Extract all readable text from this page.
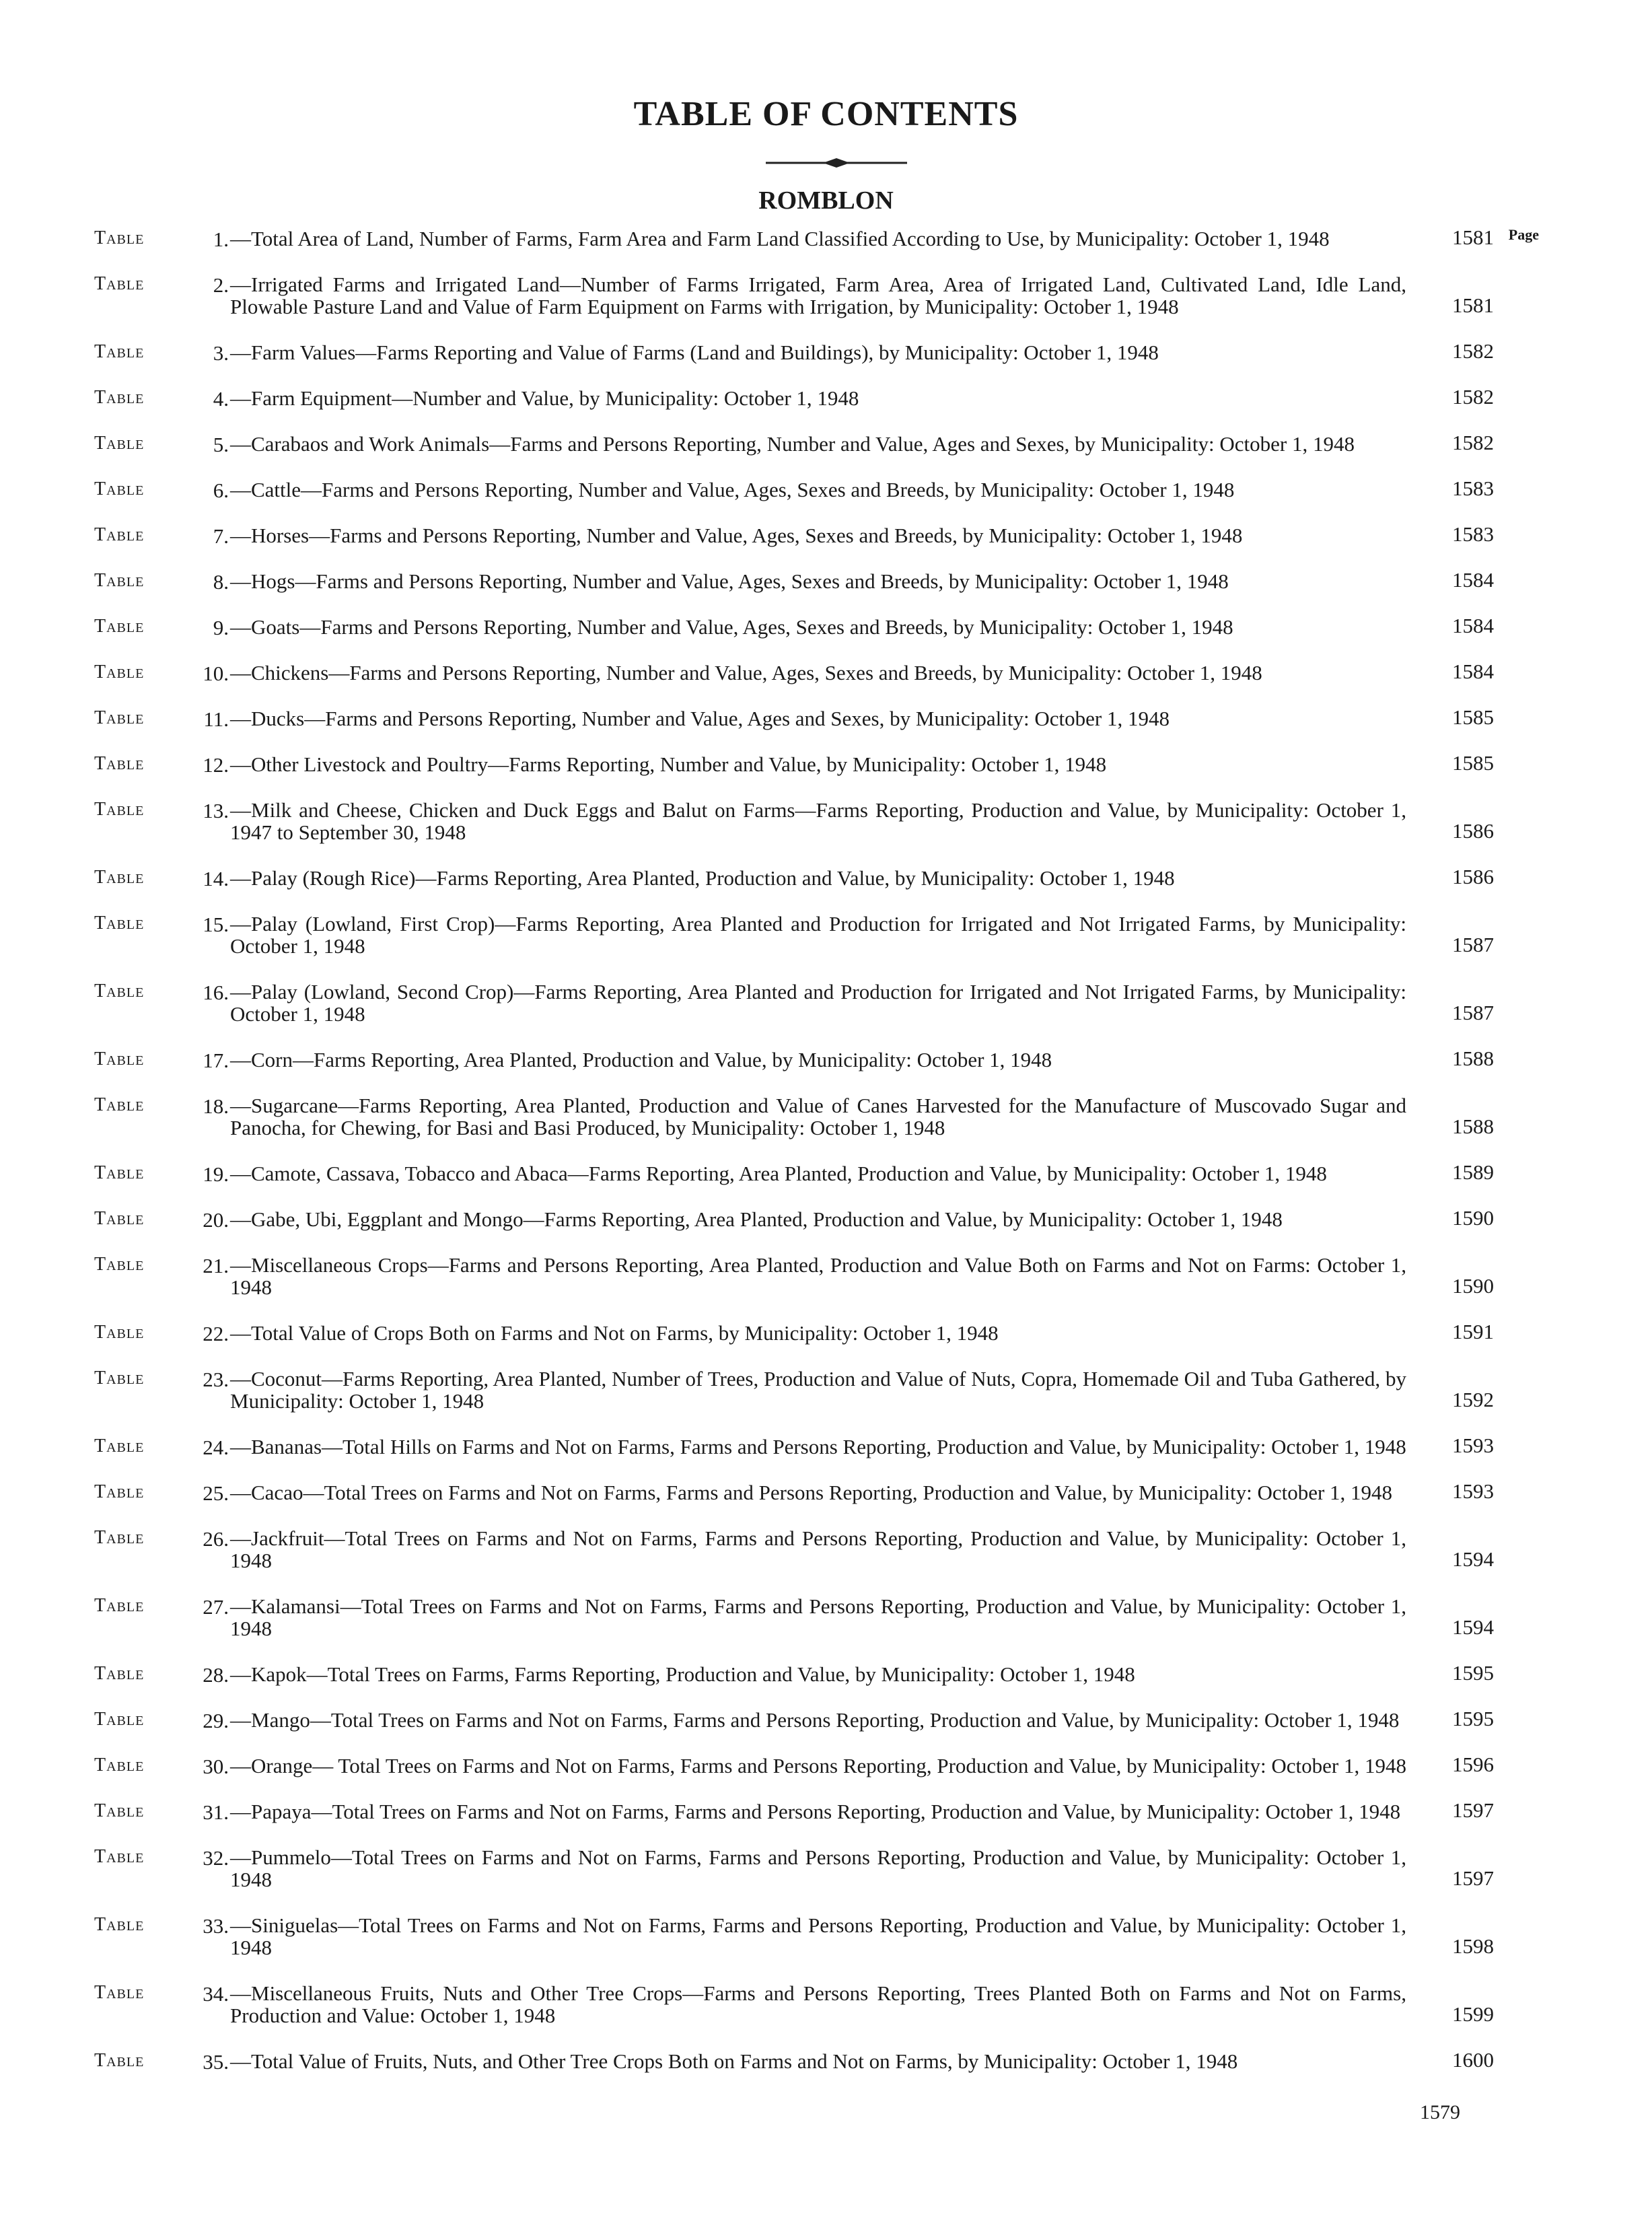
TABLE OF CONTENTS
ROMBLON
Page
Table	1. —Total Area of Land, Number of Farms, Farm Area and Farm Land Classified According to Use, by Municipality: October 1, 1948	1581
Table	2. —Irrigated Farms and Irrigated Land—Number of Farms Irrigated, Farm Area, Area of Irrigated Land, Cultivated Land, Idle Land, Plowable Pasture Land and Value of Farm Equipment on Farms with Irrigation, by Municipality: October 1, 1948	1581
Table	3. —Farm Values—Farms Reporting and Value of Farms (Land and Buildings), by Municipality: October 1, 1948	1582
Table	4. —Farm Equipment—Number and Value, by Municipality: October 1, 1948	1582
Table	5. —Carabaos and Work Animals—Farms and Persons Reporting, Number and Value, Ages and Sexes, by Municipality: October 1, 1948	1582
Table	6. —Cattle—Farms and Persons Reporting, Number and Value, Ages, Sexes and Breeds, by Municipality: October 1, 1948	1583
Table	7. —Horses—Farms and Persons Reporting, Number and Value, Ages, Sexes and Breeds, by Municipality: October 1, 1948	1583
Table	8. —Hogs—Farms and Persons Reporting, Number and Value, Ages, Sexes and Breeds, by Municipality: October 1, 1948	1584
Table	9. —Goats—Farms and Persons Reporting, Number and Value, Ages, Sexes and Breeds, by Municipality: October 1, 1948	1584
Table	10. —Chickens—Farms and Persons Reporting, Number and Value, Ages, Sexes and Breeds, by Municipality: October 1, 1948	1584
Table	11. —Ducks—Farms and Persons Reporting, Number and Value, Ages and Sexes, by Municipality: October 1, 1948	1585
Table	12. —Other Livestock and Poultry—Farms Reporting, Number and Value, by Municipality: October 1, 1948	1585
Table	13. —Milk and Cheese, Chicken and Duck Eggs and Balut on Farms—Farms Reporting, Production and Value, by Municipality: October 1, 1947 to September 30, 1948	1586
Table	14. —Palay (Rough Rice)—Farms Reporting, Area Planted, Production and Value, by Municipality: October 1, 1948	1586
Table	15. —Palay (Lowland, First Crop)—Farms Reporting, Area Planted and Production for Irrigated and Not Irrigated Farms, by Municipality: October 1, 1948	1587
Table	16. —Palay (Lowland, Second Crop)—Farms Reporting, Area Planted and Production for Irrigated and Not Irrigated Farms, by Municipality: October 1, 1948	1587
Table	17. —Corn—Farms Reporting, Area Planted, Production and Value, by Municipality: October 1, 1948	1588
Table	18. —Sugarcane—Farms Reporting, Area Planted, Production and Value of Canes Harvested for the Manufacture of Muscovado Sugar and Panocha, for Chewing, for Basi and Basi Produced, by Municipality: October 1, 1948	1588
Table	19. —Camote, Cassava, Tobacco and Abaca—Farms Reporting, Area Planted, Production and Value, by Municipality: October 1, 1948	1589
Table	20. —Gabe, Ubi, Eggplant and Mongo—Farms Reporting, Area Planted, Production and Value, by Municipality: October 1, 1948	1590
Table	21. —Miscellaneous Crops—Farms and Persons Reporting, Area Planted, Production and Value Both on Farms and Not on Farms: October 1, 1948	1590
Table	22. —Total Value of Crops Both on Farms and Not on Farms, by Municipality: October 1, 1948	1591
Table	23. —Coconut—Farms Reporting, Area Planted, Number of Trees, Production and Value of Nuts, Copra, Homemade Oil and Tuba Gathered, by Municipality: October 1, 1948	1592
Table	24. —Bananas—Total Hills on Farms and Not on Farms, Farms and Persons Reporting, Production and Value, by Municipality: October 1, 1948	1593
Table	25. —Cacao—Total Trees on Farms and Not on Farms, Farms and Persons Reporting, Production and Value, by Municipality: October 1, 1948	1593
Table	26. —Jackfruit—Total Trees on Farms and Not on Farms, Farms and Persons Reporting, Production and Value, by Municipality: October 1, 1948	1594
Table	27. —Kalamansi—Total Trees on Farms and Not on Farms, Farms and Persons Reporting, Production and Value, by Municipality: October 1, 1948	1594
Table	28. —Kapok—Total Trees on Farms, Farms Reporting, Production and Value, by Municipality: October 1, 1948	1595
Table	29. —Mango—Total Trees on Farms and Not on Farms, Farms and Persons Reporting, Production and Value, by Municipality: October 1, 1948	1595
Table	30. —Orange— Total Trees on Farms and Not on Farms, Farms and Persons Reporting, Production and Value, by Municipality: October 1, 1948	1596
Table	31. —Papaya—Total Trees on Farms and Not on Farms, Farms and Persons Reporting, Production and Value, by Municipality: October 1, 1948	1597
Table	32. —Pummelo—Total Trees on Farms and Not on Farms, Farms and Persons Reporting, Production and Value, by Municipality: October 1, 1948	1597
Table	33. —Siniguelas—Total Trees on Farms and Not on Farms, Farms and Persons Reporting, Production and Value, by Municipality: October 1, 1948	1598
Table	34. —Miscellaneous Fruits, Nuts and Other Tree Crops—Farms and Persons Reporting, Trees Planted Both on Farms and Not on Farms, Production and Value: October 1, 1948	1599
Table	35. —Total Value of Fruits, Nuts, and Other Tree Crops Both on Farms and Not on Farms, by Municipality: October 1, 1948	1600
1579
